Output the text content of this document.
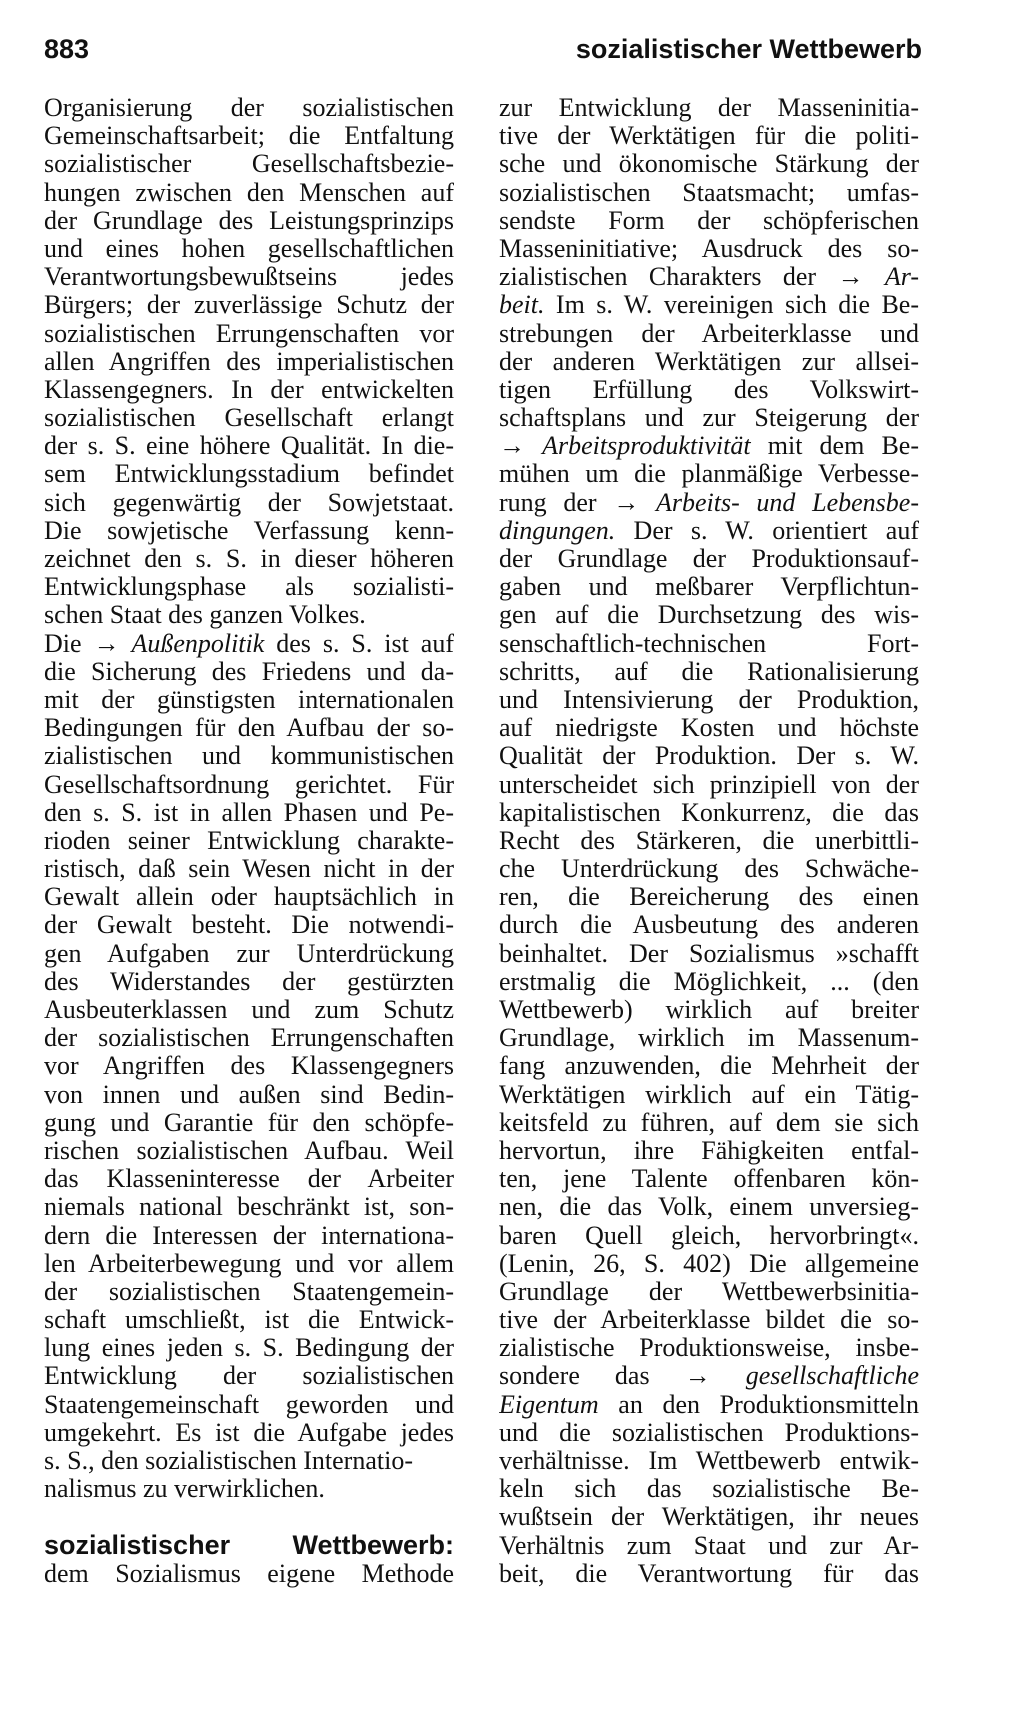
883	sozialistischer Wettbewerb
Organisierung der sozialistischen
Gemeinschaftsarbeit; die Entfaltung
sozialistischer Gesellschaftsbezie-
hungen zwischen den Menschen auf
der Grundlage des Leistungsprinzips
und eines hohen gesellschaftlichen
Verantwortungsbewußtseins jedes
Bürgers; der zuverlässige Schutz der
sozialistischen Errungenschaften vor
allen Angriffen des imperialistischen
Klassengegners. In der entwickelten
sozialistischen Gesellschaft erlangt
der s. S. eine höhere Qualität. In die-
sem Entwicklungsstadium befindet
sich gegenwärtig der Sowjetstaat.
Die sowjetische Verfassung kenn-
zeichnet den s. S. in dieser höheren
Entwicklungsphase als sozialisti-
schen Staat des ganzen Volkes.
Die → Außenpolitik des s. S. ist auf
die Sicherung des Friedens und da-
mit der günstigsten internationalen
Bedingungen für den Aufbau der so-
zialistischen und kommunistischen
Gesellschaftsordnung gerichtet. Für
den s. S. ist in allen Phasen und Pe-
rioden seiner Entwicklung charakte-
ristisch, daß sein Wesen nicht in der
Gewalt allein oder hauptsächlich in
der Gewalt besteht. Die notwendi-
gen Aufgaben zur Unterdrückung
des Widerstandes der gestürzten
Ausbeuterklassen und zum Schutz
der sozialistischen Errungenschaften
vor Angriffen des Klassengegners
von innen und außen sind Bedin-
gung und Garantie für den schöpfe-
rischen sozialistischen Aufbau. Weil
das Klasseninteresse der Arbeiter
niemals national beschränkt ist, son-
dern die Interessen der internationa-
len Arbeiterbewegung und vor allem
der sozialistischen Staatengemein-
schaft umschließt, ist die Entwick-
lung eines jeden s. S. Bedingung der
Entwicklung der sozialistischen
Staatengemeinschaft geworden und
umgekehrt. Es ist die Aufgabe jedes
s. S., den sozialistischen Internatio-
nalismus zu verwirklichen.
sozialistischer Wettbewerb:
dem Sozialismus eigene Methode
zur Entwicklung der Masseninitia-
tive der Werktätigen für die politi-
sche und ökonomische Stärkung der
sozialistischen Staatsmacht; umfas-
sendste Form der schöpferischen
Masseninitiative; Ausdruck des so-
zialistischen Charakters der → Ar-
beit. Im s. W. vereinigen sich die Be-
strebungen der Arbeiterklasse und
der anderen Werktätigen zur allsei-
tigen Erfüllung des Volkswirt-
schaftsplans und zur Steigerung der
→ Arbeitsproduktivität mit dem Be-
mühen um die planmäßige Verbesse-
rung der → Arbeits- und Lebensbe-
dingungen. Der s. W. orientiert auf
der Grundlage der Produktionsauf-
gaben und meßbarer Verpflichtun-
gen auf die Durchsetzung des wis-
senschaftlich-technischen Fort-
schritts, auf die Rationalisierung
und Intensivierung der Produktion,
auf niedrigste Kosten und höchste
Qualität der Produktion. Der s. W.
unterscheidet sich prinzipiell von der
kapitalistischen Konkurrenz, die das
Recht des Stärkeren, die unerbittli-
che Unterdrückung des Schwäche-
ren, die Bereicherung des einen
durch die Ausbeutung des anderen
beinhaltet. Der Sozialismus »schafft
erstmalig die Möglichkeit, ... (den
Wettbewerb) wirklich auf breiter
Grundlage, wirklich im Massenum-
fang anzuwenden, die Mehrheit der
Werktätigen wirklich auf ein Tätig-
keitsfeld zu führen, auf dem sie sich
hervortun, ihre Fähigkeiten entfal-
ten, jene Talente offenbaren kön-
nen, die das Volk, einem unversieg-
baren Quell gleich, hervorbringt«.
(Lenin, 26, S. 402) Die allgemeine
Grundlage der Wettbewerbsinitia-
tive der Arbeiterklasse bildet die so-
zialistische Produktionsweise, insbe-
sondere das → gesellschaftliche
Eigentum an den Produktionsmitteln
und die sozialistischen Produktions-
verhältnisse. Im Wettbewerb entwik-
keln sich das sozialistische Be-
wußtsein der Werktätigen, ihr neues
Verhältnis zum Staat und zur Ar-
beit, die Verantwortung für das
